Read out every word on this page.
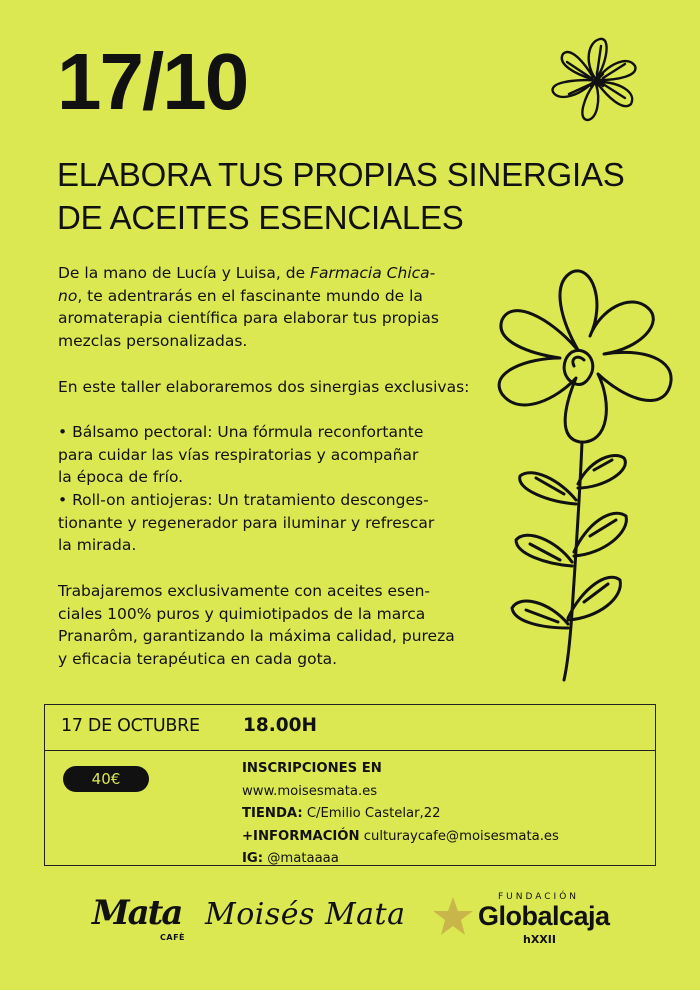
17/10
ELABORA TUS PROPIAS SINERGIAS
DE ACEITES ESENCIALES

De la mano de Lucía y Luisa, de Farmacia Chica-

no, te adentrarás en el fascinante mundo de la

aromaterapia científica para elaborar tus propias

mezclas personalizadas.

En este taller elaboraremos dos sinergias exclusivas:

• Bálsamo pectoral: Una fórmula reconfortante

para cuidar las vías respiratorias y acompañar

la época de frío.

• Roll-on antiojeras: Un tratamiento desconges-

tionante y regenerador para iluminar y refrescar

la mirada.

Trabajaremos exclusivamente con aceites esen-

ciales 100% puros y quimiotipados de la marca

Pranarôm, garantizando la máxima calidad, pureza

y eficacia terapéutica en cada gota.

17 DE OCTUBRE 18.00H
40€
INSCRIPCIONES EN
www.moisesmata.es
TIENDA: C/Emilio Castelar,22
+INFORMACIÓN culturaycafe@moisesmata.es
IG: @mataaaa
Mata
CAFÈ
Moisés Mata	FUNDACIÓN
Globalcaja
hXXII
